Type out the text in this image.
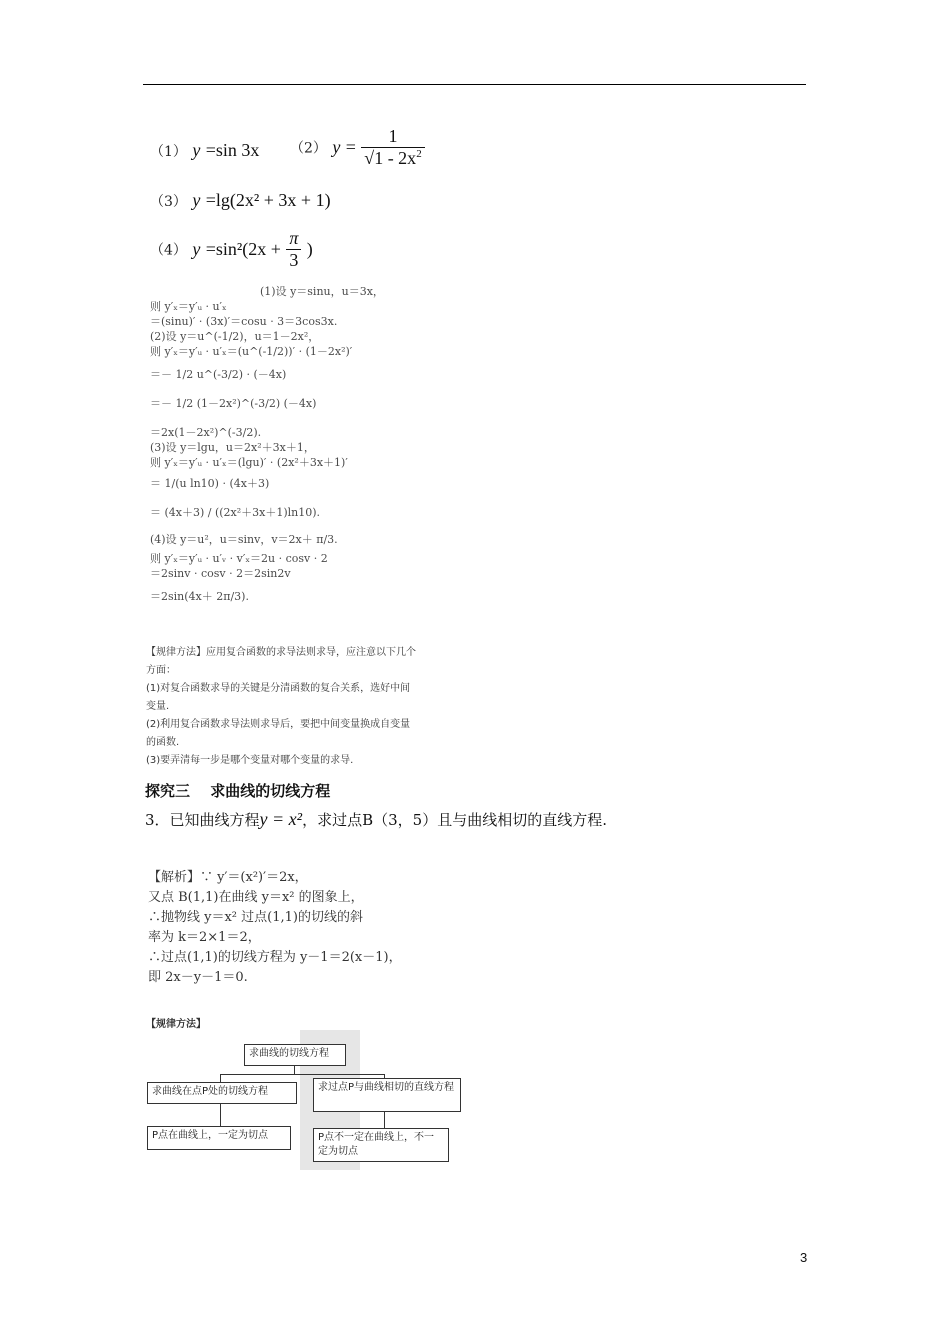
（1） y =sin 3x （2） $y = \frac{1}{√1 - 2x^2}$
（3） y =lg(2x² + 3x + 1)
（4） $y =\sin^2(2x + \frac{\pi}{3}$ )
(1)设 y＝sinu，u＝3x，
则 y′ₓ＝y′ᵤ · u′ₓ
＝(sinu)′ · (3x)′＝cosu · 3＝3cos3x.
(2)设 y＝u^(-1/2)，u＝1－2x²，
则 y′ₓ＝y′ᵤ · u′ₓ＝(u^(-1/2))′ · (1－2x²)′
＝－ 1/2 u^(-3/2) · (－4x)
＝－ 1/2 (1－2x²)^(-3/2) (－4x)
＝2x(1－2x²)^(-3/2).
(3)设 y＝lgu，u＝2x²＋3x＋1，
则 y′ₓ＝y′ᵤ · u′ₓ＝(lgu)′ · (2x²＋3x＋1)′
＝ 1/(u ln10) · (4x＋3)
＝ (4x＋3) / ((2x²＋3x＋1)ln10).
(4)设 y＝u²，u＝sinv，v＝2x＋ π/3.
则 y′ₓ＝y′ᵤ · u′ᵥ · v′ₓ＝2u · cosv · 2
＝2sinv · cosv · 2＝2sin2v
＝2sin(4x＋ 2π/3).
【规律方法】应用复合函数的求导法则求导，应注意以下几个
方面：
(1)对复合函数求导的关键是分清函数的复合关系，选好中间
变量.
(2)利用复合函数求导法则求导后，要把中间变量换成自变量
的函数.
(3)要弄清每一步是哪个变量对哪个变量的求导.
探究三　 求曲线的切线方程
3．已知曲线方程y = x²，求过点B（3，5）且与曲线相切的直线方程.
【解析】∵ y′＝(x²)′＝2x，
又点 B(1,1)在曲线 y＝x² 的图象上，
∴抛物线 y＝x² 过点(1,1)的切线的斜
率为 k＝2×1＝2，
∴过点(1,1)的切线方程为 y－1＝2(x－1)，
即 2x－y－1＝0.
【规律方法】
求曲线的切线方程
求曲线在点P处的切线方程	求过点P与曲线相切的直线方程
P点在曲线上，一定为切点	P点不一定在曲线上，不一定为切点
3
